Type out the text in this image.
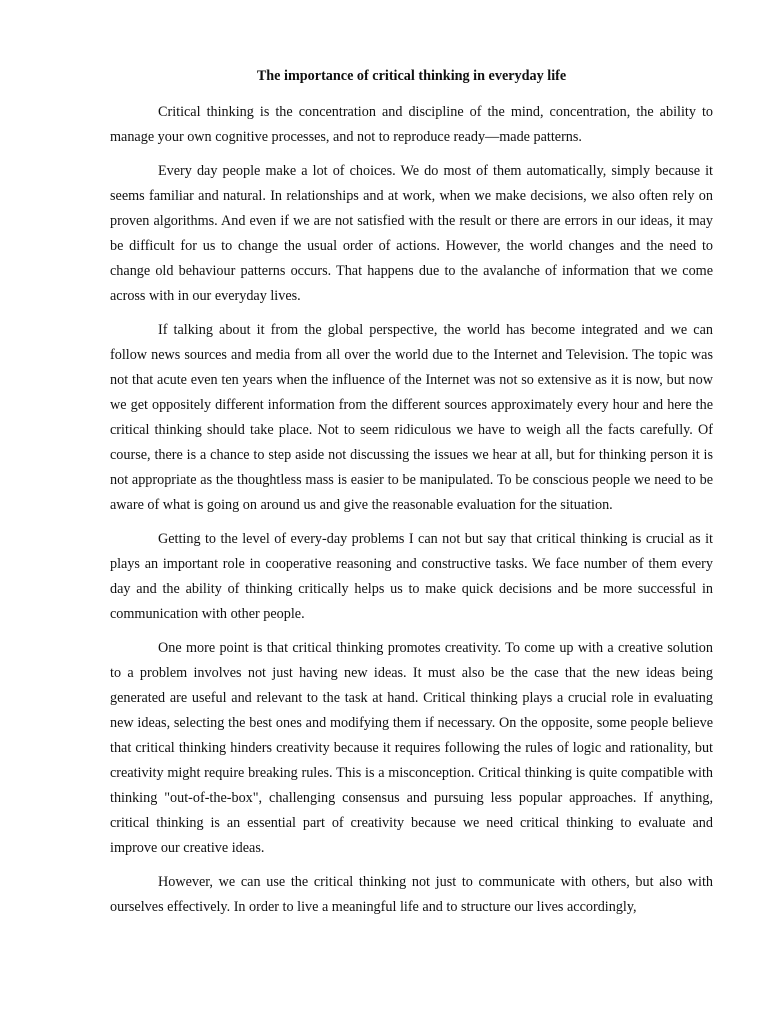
The importance of critical thinking in everyday life

Critical thinking is the concentration and discipline of the mind, concentration, the ability to manage your own cognitive processes, and not to reproduce ready—made patterns.

Every day people make a lot of choices. We do most of them automatically, simply because it seems familiar and natural. In relationships and at work, when we make decisions, we also often rely on proven algorithms. And even if we are not satisfied with the result or there are errors in our ideas, it may be difficult for us to change the usual order of actions. However, the world changes and the need to change old behaviour patterns occurs. That happens due to the avalanche of information that we come across with in our everyday lives.

If talking about it from the global perspective, the world has become integrated and we can follow news sources and media from all over the world due to the Internet and Television. The topic was not that acute even ten years when the influence of the Internet was not so extensive as it is now, but now we get oppositely different information from the different sources approximately every hour and here the critical thinking should take place. Not to seem ridiculous we have to weigh all the facts carefully. Of course, there is a chance to step aside not discussing the issues we hear at all, but for thinking person it is not appropriate as the thoughtless mass is easier to be manipulated. To be conscious people we need to be aware of what is going on around us and give the reasonable evaluation for the situation.

Getting to the level of every-day problems I can not but say that critical thinking is crucial as it plays an important role in cooperative reasoning and constructive tasks. We face number of them every day and the ability of thinking critically helps us to make quick decisions and be more successful in communication with other people.

One more point is that critical thinking promotes creativity. To come up with a creative solution to a problem involves not just having new ideas. It must also be the case that the new ideas being generated are useful and relevant to the task at hand. Critical thinking plays a crucial role in evaluating new ideas, selecting the best ones and modifying them if necessary. On the opposite, some people believe that critical thinking hinders creativity because it requires following the rules of logic and rationality, but creativity might require breaking rules. This is a misconception. Critical thinking is quite compatible with thinking "out-of-the-box", challenging consensus and pursuing less popular approaches. If anything, critical thinking is an essential part of creativity because we need critical thinking to evaluate and improve our creative ideas.

However, we can use the critical thinking not just to communicate with others, but also with ourselves effectively. In order to live a meaningful life and to structure our lives accordingly,
